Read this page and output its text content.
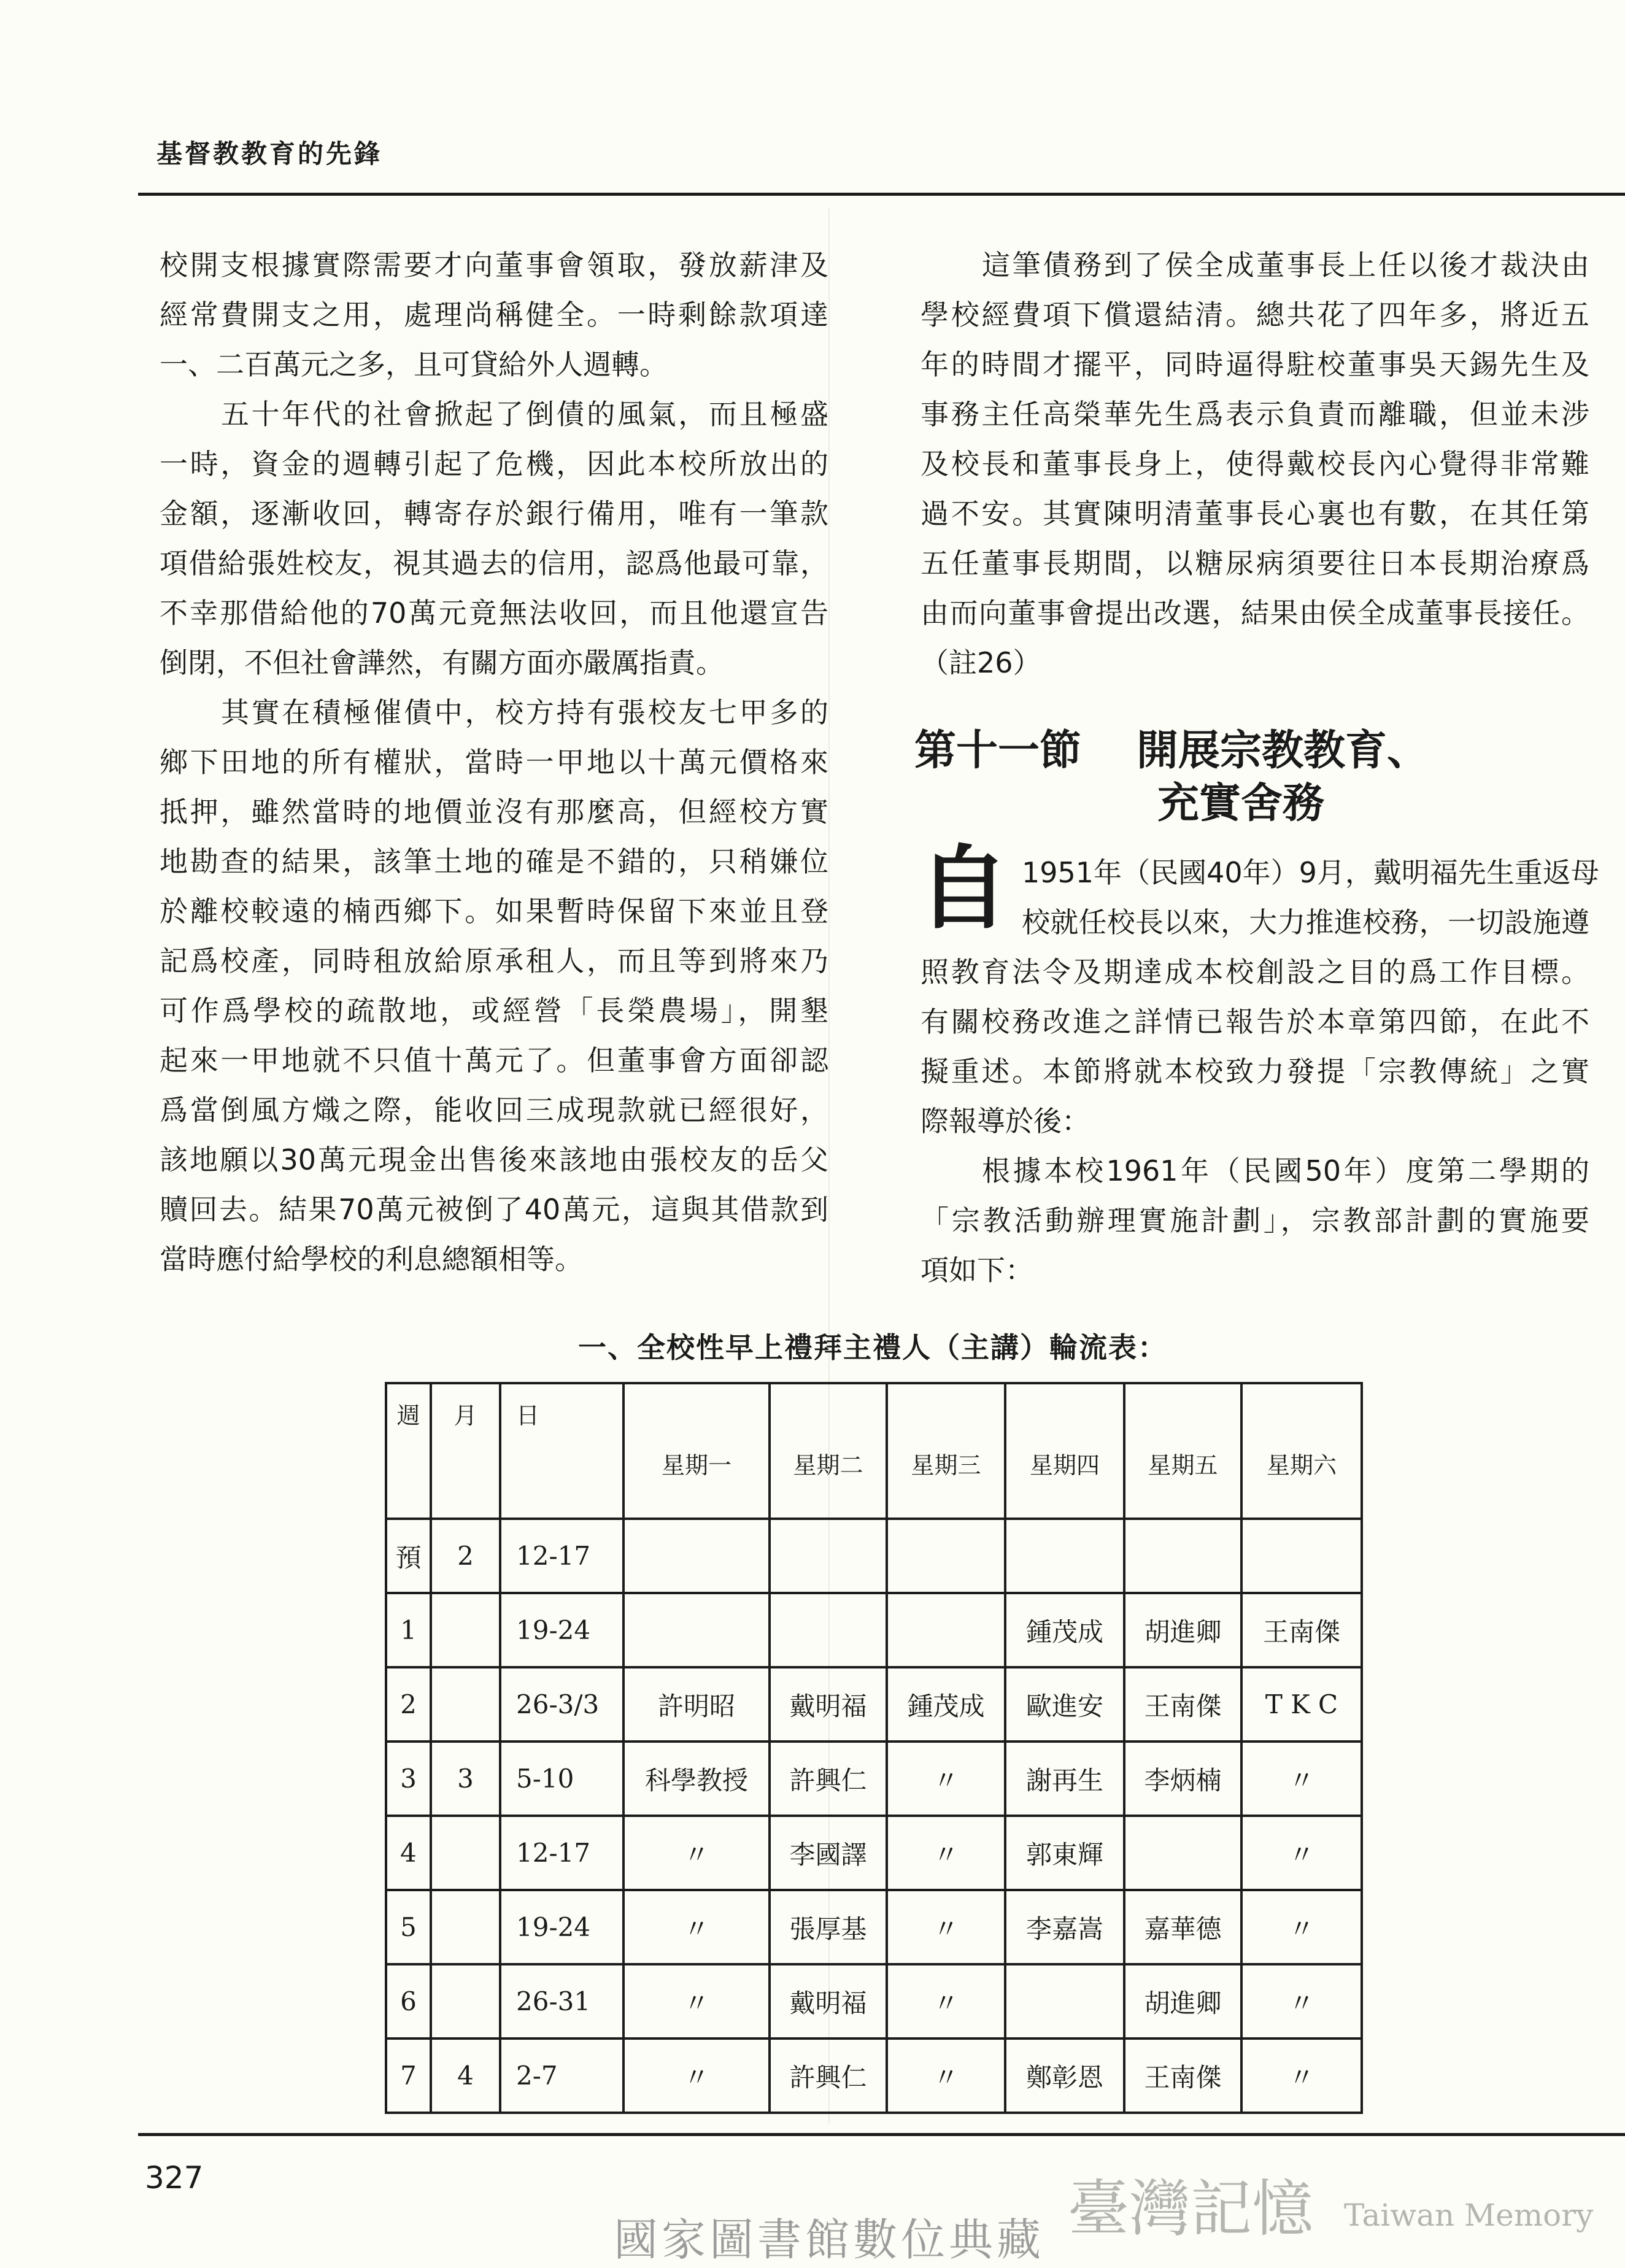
基督教教育的先鋒
校開支根據實際需要才向董事會領取，發放薪津及
經常費開支之用，處理尚稱健全。一時剩餘款項達
一、二百萬元之多，且可貸給外人週轉。
五十年代的社會掀起了倒債的風氣，而且極盛
一時，資金的週轉引起了危機，因此本校所放出的
金額，逐漸收回，轉寄存於銀行備用，唯有一筆款
項借給張姓校友，視其過去的信用，認爲他最可靠，
不幸那借給他的70萬元竟無法收回，而且他還宣告
倒閉，不但社會譁然，有關方面亦嚴厲指責。
其實在積極催債中，校方持有張校友七甲多的
鄉下田地的所有權狀，當時一甲地以十萬元價格來
抵押，雖然當時的地價並沒有那麼高，但經校方實
地勘查的結果，該筆土地的確是不錯的，只稍嫌位
於離校較遠的楠西鄉下。如果暫時保留下來並且登
記爲校產，同時租放給原承租人，而且等到將來乃
可作爲學校的疏散地，或經營「長榮農場」，開墾
起來一甲地就不只值十萬元了。但董事會方面卻認
爲當倒風方熾之際，能收回三成現款就已經很好，
該地願以30萬元現金出售後來該地由張校友的岳父
贖回去。結果70萬元被倒了40萬元，這與其借款到
當時應付給學校的利息總額相等。
這筆債務到了侯全成董事長上任以後才裁決由
學校經費項下償還結清。總共花了四年多，將近五
年的時間才擺平，同時逼得駐校董事吳天錫先生及
事務主任高榮華先生爲表示負責而離職，但並未涉
及校長和董事長身上，使得戴校長內心覺得非常難
過不安。其實陳明清董事長心裏也有數，在其任第
五任董事長期間，以糖尿病須要往日本長期治療爲
由而向董事會提出改選，結果由侯全成董事長接任。
（註26）
第十一節 開展宗教教育、
充實舍務
自 1951年（民國40年）9月，戴明福先生重返母
校就任校長以來，大力推進校務，一切設施遵
照教育法令及期達成本校創設之目的爲工作目標。
有關校務改進之詳情已報告於本章第四節，在此不
擬重述。本節將就本校致力發提「宗教傳統」之實
際報導於後：
根據本校1961年（民國50年）度第二學期的
「宗教活動辦理實施計劃」，宗教部計劃的實施要
項如下：
一、全校性早上禮拜主禮人（主講）輪流表：
週	月	日	星期一	星期二	星期三	星期四	星期五	星期六
預	2	12-17						
1		19-24				鍾茂成	胡進卿	王南傑
2		26-3/3	許明昭	戴明福	鍾茂成	歐進安	王南傑	T K C
3	3	5-10	科學教授	許興仁	〃	謝再生	李炳楠	〃
4		12-17	〃	李國譯	〃	郭東輝		〃
5		19-24	〃	張厚基	〃	李嘉嵩	嘉華德	〃
6		26-31	〃	戴明福	〃		胡進卿	〃
7	4	2-7	〃	許興仁	〃	鄭彰恩	王南傑	〃
327
國家圖書館數位典藏 臺灣記憶 Taiwan Memory
